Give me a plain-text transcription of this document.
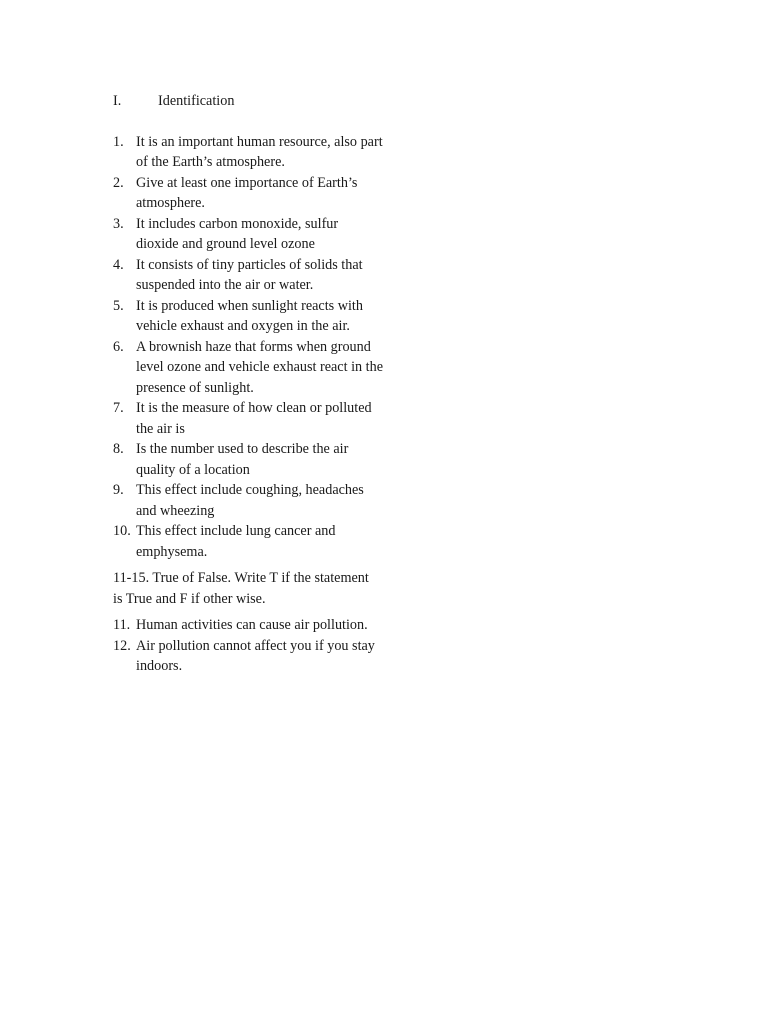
I.	Identification
1. It is an important human resource, also part of the Earth’s atmosphere.
2. Give at least one importance of Earth’s atmosphere.
3. It includes carbon monoxide, sulfur dioxide and ground level ozone
4. It consists of tiny particles of solids that suspended into the air or water.
5. It is produced when sunlight reacts with vehicle exhaust and oxygen in the air.
6. A brownish haze that forms when ground level ozone and vehicle exhaust react in the presence of sunlight.
7. It is the measure of how clean or polluted the air is
8. Is the number used to describe the air quality of a location
9. This effect include coughing, headaches and wheezing
10. This effect include lung cancer and emphysema.

11-15. True of False. Write T if the statement is True and F if other wise.

11. Human activities can cause air pollution.
12. Air pollution cannot affect you if you stay indoors.
